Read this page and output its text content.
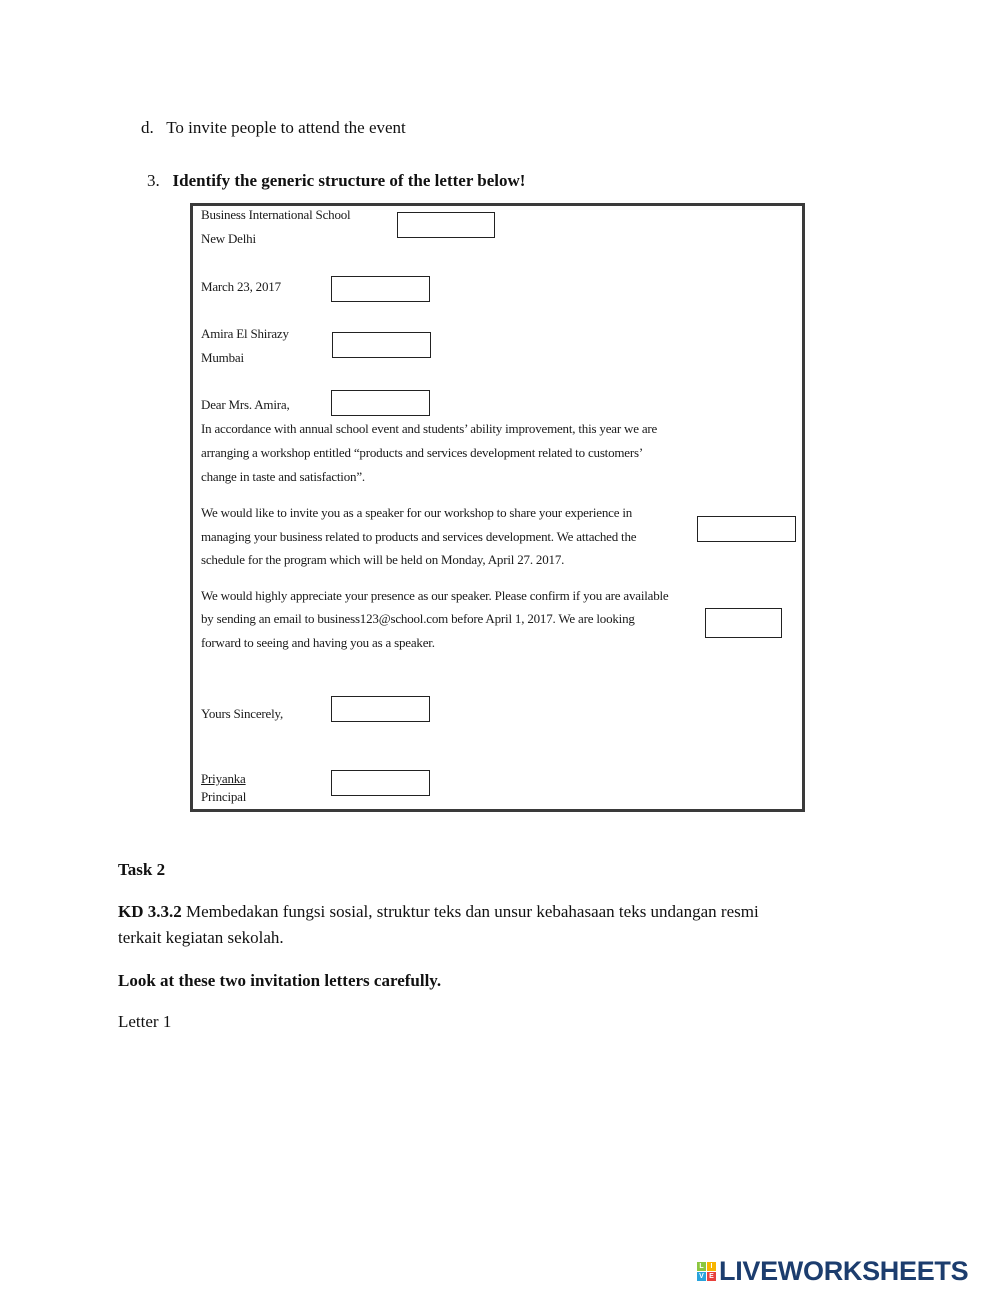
d. To invite people to attend the event
3. Identify the generic structure of the letter below!
Business International School
New Delhi
March 23, 2017
Amira El Shirazy
Mumbai
Dear Mrs. Amira,
In accordance with annual school event and students’ ability improvement, this year we are
arranging a workshop entitled “products and services development related to customers’
change in taste and satisfaction”.
We would like to invite you as a speaker for our workshop to share your experience in
managing your business related to products and services development. We attached the
schedule for the program which will be held on Monday, April 27. 2017.
We would highly appreciate your presence as our speaker. Please confirm if you are available
by sending an email to business123@school.com before April 1, 2017. We are looking
forward to seeing and having you as a speaker.
Yours Sincerely,
Priyanka
Principal
Task 2
KD 3.3.2 Membedakan fungsi sosial, struktur teks dan unsur kebahasaan teks undangan resmi
terkait kegiatan sekolah.
Look at these two invitation letters carefully.
Letter 1
L I
V E LIVEWORKSHEETS
